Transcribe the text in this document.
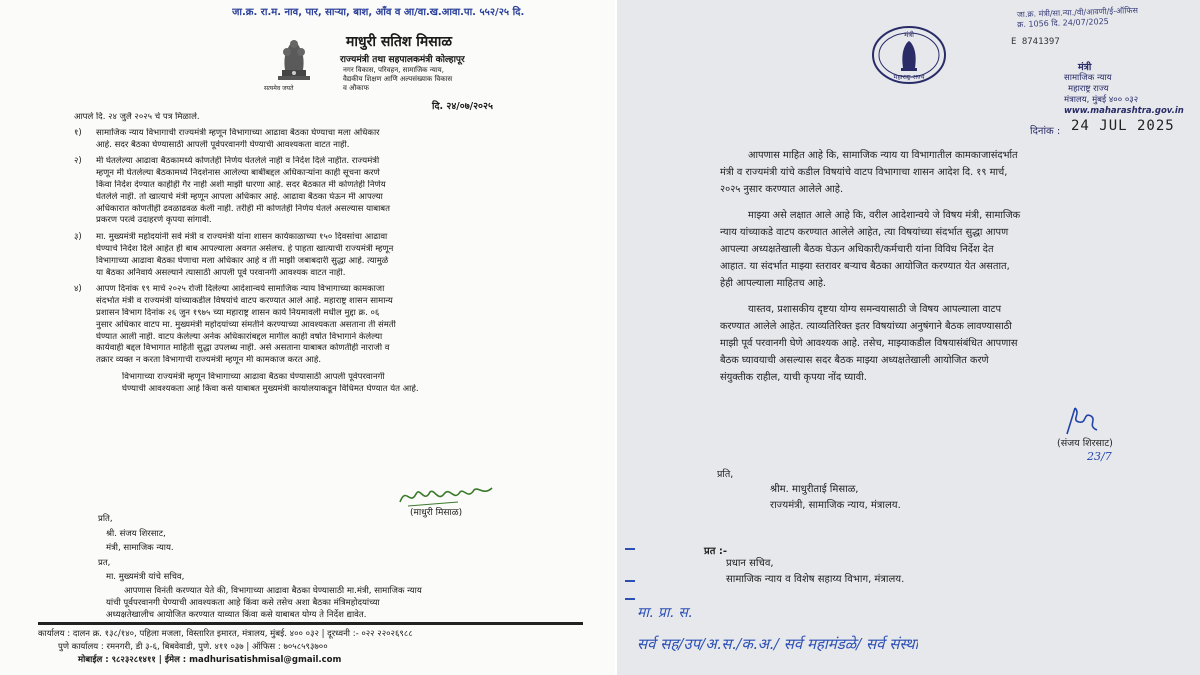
जा.क्र. रा.म. नाव, पार, साऱ्या, बाश, आँव व आ/वा.ख.आवा.पा. ५५२/२५ दि.
सत्यमेव जयते
माधुरी सतिश मिसाळ
राज्यमंत्री तथा सहपालकमंत्री कोल्हापूर
नगर विकास, परिवहन, सामाजिक न्याय,
वैद्यकीय शिक्षण आणि अल्पसंख्याक विकास
व औकाफ
दि. २४/०७/२०२५
आपले दि. २४ जुलै २०२५ चे पत्र मिळाले.
१)	सामाजिक न्याय विभागाची राज्यमंत्री म्हणून विभागाच्या आढावा बैठका घेण्याचा मला अधिकार
आहे. सदर बैठका घेण्यासाठी आपली पूर्वपरवानगी घेण्याची आवश्यकता वाटत नाही.
२)	मी घेतलेल्या आढावा बैठकामध्ये कोणतेही निर्णय घेतलेले नाही व निर्देश दिले नाहीत. राज्यमंत्री
म्हणून मी घेतलेल्या बैठकामध्ये निदर्शनास आलेल्या बाबींबद्दल अधिकाऱ्यांना काही सूचना करणे
किंवा निर्देश देण्यात काहीही गैर नाही अशी माझी धारणा आहे. सदर बैठकात मी कोणतेही निर्णय
घेतलेले नाही. तो खात्याचे मंत्री म्हणून आपला अधिकार आहे. आढावा बैठका घेऊन मी आपल्या
अधिकारात कोणतीही ढवळाढवळ केली नाही. तरीही मी कोणतेही निर्णय घेतले असल्यास याबाबत
प्रकरण परत्वे उदाहरणे कृपया सांगावी.
३)	मा. मुख्यमंत्री महोदयांनी सर्व मंत्री व राज्यमंत्री यांना शासन कार्यकाळाच्या १५० दिवसांचा आढावा
घेण्याचे निर्देश दिले आहेत ही बाब आपल्याला अवगत असेलच. हे पाहता खात्याची राज्यमंत्री म्हणून
विभागाच्या आढावा बैठका घेणाचा मला अधिकार आहे व ती माझी जबाबदारी सुद्धा आहे. त्यामुळे
या बैठका अनिवार्य असल्याने त्यासाठी आपली पूर्व परवानगी आवश्यक वाटत नाही.
४)	आपण दिनांक १९ मार्च २०२५ रोजी दिलेल्या आदेशान्वये सामाजिक न्याय विभागाच्या कामकाजा
संदर्भात मंत्री व राज्यमंत्री यांच्याकडील विषयांचे वाटप करण्यात आले आहे. महाराष्ट्र शासन सामान्य
प्रशासन विभाग दिनांक २६ जुन १९७५ च्या महाराष्ट्र शासन कार्य नियमावली मधील मुद्दा क्र. ०६
नुसार अधिकार वाटप मा. मुख्यमंत्री महोदयांच्या संमतीने करण्याच्या आवश्यकता असताना ती संमती
घेण्यात आली नाही. वाटप केलेल्या अनेक अधिकारांबद्दल मागील काही वर्षात विभागाने केलेल्या
कार्यवाही बद्दल विभागात माहिती सुद्धा उपलब्ध नाही. असे असताना याबाबत कोणतीही नाराजी व
तक्रार व्यक्त न करता विभागाची राज्यमंत्री म्हणून मी कामकाज करत आहे.
विभागाच्या राज्यमंत्री म्हणून विभागाच्या आढावा बैठका घेण्यासाठी आपली पूर्वपरवानगी
घेण्याची आवश्यकता आहे किंवा कसे याबाबत मुख्यमंत्री कार्यालयाकडून विधिमत घेण्यात येत आहे.
(माधुरी मिसाळ)
प्रति,
श्री. संजय शिरसाट,
मंत्री, सामाजिक न्याय.
प्रत,
मा. मुख्यमंत्री यांचे सचिव,
आपणास विनंती करण्यात येते की, विभागाच्या आढावा बैठका घेण्यासाठी मा.मंत्री, सामाजिक न्याय
यांची पूर्वपरवानगी घेण्याची आवश्यकता आहे किंवा कसे तसेच अशा बैठका मंत्रिमहोदयांच्या
अध्यक्षतेखालीच आयोजित करण्यात याव्यात किंवा कसे याबाबत योग्य ते निर्देश द्यावेत.
कार्यालय : दालन क्र. १३८/१४०, पहिला मजला, विस्तारित इमारत, मंत्रालय, मुंबई. ४०० ०३२ | दूरध्वनी :- ०२२ २२०२६९८८
पुणे कार्यालय : रमनगरी, डी ३-६, बिबवेवाडी, पुणे. ४११ ०३७ | ऑफिस : ७०५८५९३७००
मोबाईल : ९८२३२८१४११ | ईमेल : madhurisatishmisal@gmail.com
जा.क्र. मंत्री/सा.न्या./वी/आवणी/ई-ऑफिस
क्र. 1056 दि. 24/07/2025
E 8741397
मंत्री
महाराष्ट्र राज्य
मंत्री
सामाजिक न्याय
महाराष्ट्र राज्य
मंत्रालय, मुंबई ४०० ०३२
www.maharashtra.gov.in
दिनांक : 24 JUL 2025
आपणास माहित आहे कि, सामाजिक न्याय या विभागातील कामकाजासंदर्भात
मंत्री व राज्यमंत्री यांचे कडील विषयांचे वाटप विभागाचा शासन आदेश दि. १९ मार्च,
२०२५ नुसार करण्यात आलेले आहे.
माझ्या असे लक्षात आले आहे कि, वरील आदेशान्वये जे विषय मंत्री, सामाजिक
न्याय यांच्याकडे वाटप करण्यात आलेले आहेत, त्या विषयांच्या संदर्भात सुद्धा आपण
आपल्या अध्यक्षतेखाली बैठक घेऊन अधिकारी/कर्मचारी यांना विविध निर्देश देत
आहात. या संदर्भात माझ्या स्तरावर बऱ्याच बैठका आयोजित करण्यात येत असतात,
हेही आपल्याला माहितच आहे.
यास्तव, प्रशासकीय दृष्टया योग्य समन्वयासाठी जे विषय आपल्याला वाटप
करण्यात आलेले आहेत. त्याव्यतिरिक्त इतर विषयांच्या अनुषंगाने बैठक लावण्यासाठी
माझी पूर्व परवानगी घेणे आवश्यक आहे. तसेच, माझ्याकडील विषयासंबंधित आपणास
बैठक घ्यावयाची असल्यास सदर बैठक माझ्या अध्यक्षतेखाली आयोजित करणे
संयुक्तीक राहील, याची कृपया नोंद घ्यावी.
(संजय शिरसाट)
23/7
प्रति,
श्रीम. माधुरीताई मिसाळ,
राज्यमंत्री, सामाजिक न्याय, मंत्रालय.
प्रत :-
प्रधान सचिव,
सामाजिक न्याय व विशेष सहाय्य विभाग, मंत्रालय.
मा. प्रा. स.
सर्व सह/उप/अ.स./क.अ./ सर्व महामंडळे/ सर्व संस्था
